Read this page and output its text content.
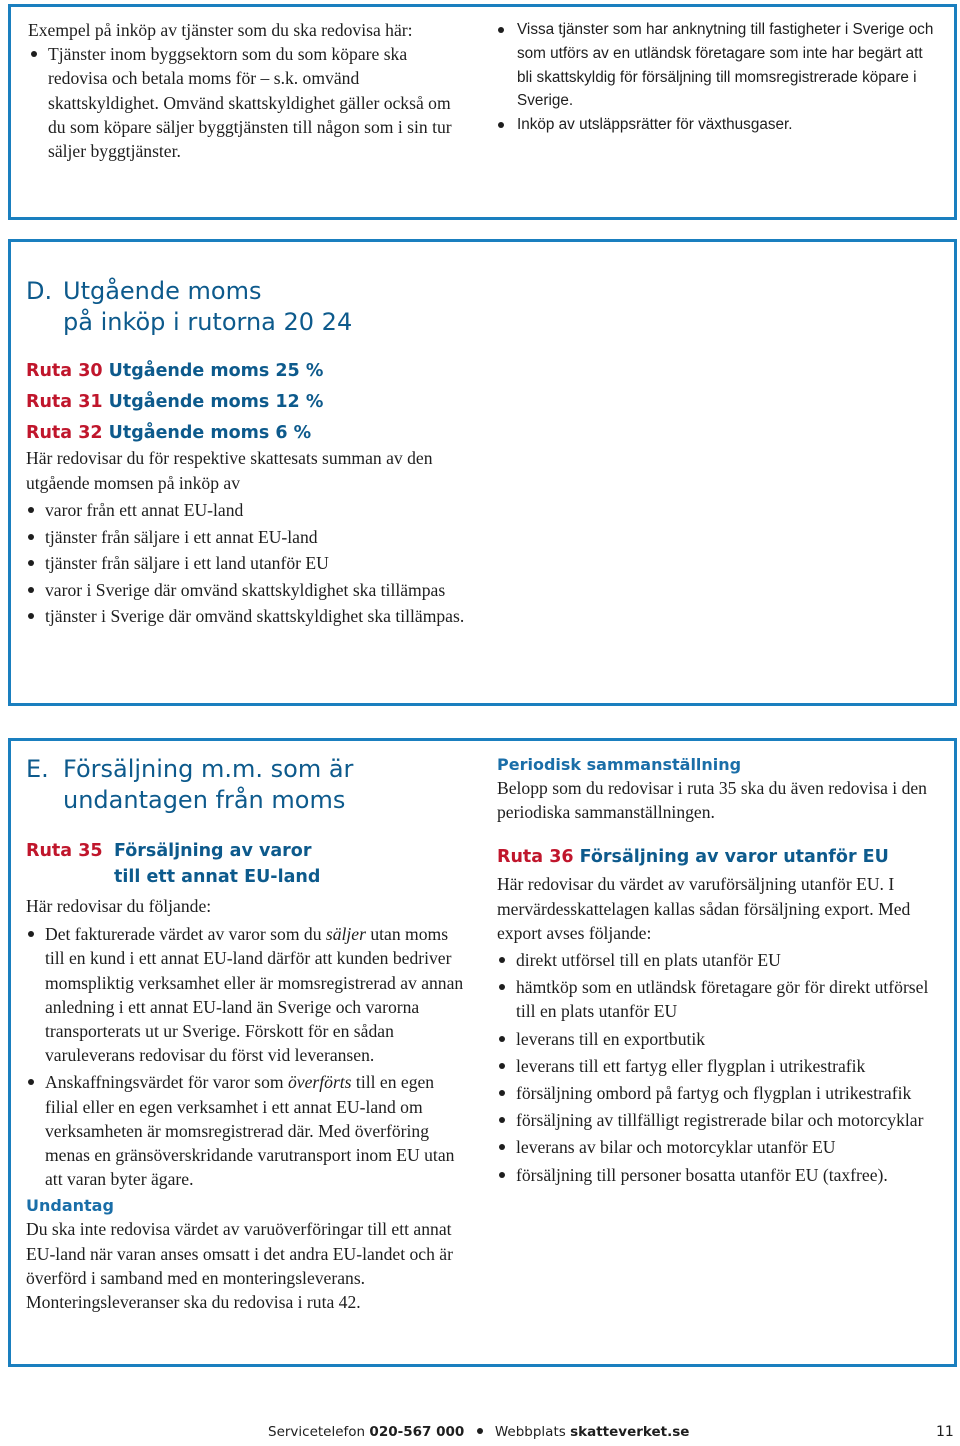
Exempel på inköp av tjänster som du ska redovisa här:

Tjänster inom byggsektorn som du som köpare ska redovisa och betala moms för – s.k. omvänd skattskyldighet. Omvänd skattskyldighet gäller också om du som köpare säljer byggtjänsten till någon som i sin tur säljer byggtjänster.
Vissa tjänster som har anknytning till fastigheter i Sverige och som utförs av en utländsk företagare som inte har begärt att bli skattskyldig för försäljning till momsregistrerade köpare i Sverige.
Inköp av utsläppsrätter för växthusgaser.
D. Utgående moms
på inköp i rutorna 20 24
Ruta 30 Utgående moms 25 %
Ruta 31 Utgående moms 12 %
Ruta 32 Utgående moms 6 %

Här redovisar du för respektive skattesats summan av den utgående momsen på inköp av

varor från ett annat EU-land
tjänster från säljare i ett annat EU-land
tjänster från säljare i ett land utanför EU
varor i Sverige där omvänd skattskyldighet ska tillämpas
tjänster i Sverige där omvänd skattskyldighet ska tillämpas.
E. Försäljning m.m. som är
undantagen från moms
Ruta 35 Försäljning av varor
till ett annat EU-land

Här redovisar du följande:

Det fakturerade värdet av varor som du säljer utan moms till en kund i ett annat EU-land därför att kunden bedriver momspliktig verksamhet eller är momsregistrerad av annan anledning i ett annat EU-land än Sverige och varorna transporterats ut ur Sverige. Förskott för en sådan varuleverans redovisar du först vid leveransen.
Anskaffningsvärdet för varor som överförts till en egen filial eller en egen verksamhet i ett annat EU-land om verksamheten är momsregistrerad där. Med överföring menas en gränsöverskridande varutransport inom EU utan att varan byter ägare.
Undantag

Du ska inte redovisa värdet av varuöverföringar till ett annat EU-land när varan anses omsatt i det andra EU-landet och är överförd i samband med en monteringsleverans. Monteringsleveranser ska du redovisa i ruta 42.

Periodisk sammanställning

Belopp som du redovisar i ruta 35 ska du även redovisa i den periodiska sammanställningen.

Ruta 36 Försäljning av varor utanför EU

Här redovisar du värdet av varuförsäljning utanför EU. I mervärdesskattelagen kallas sådan försäljning export. Med export avses följande:

direkt utförsel till en plats utanför EU
hämtköp som en utländsk företagare gör för direkt utförsel till en plats utanför EU
leverans till en exportbutik
leverans till ett fartyg eller flygplan i utrikestrafik
försäljning ombord på fartyg och flygplan i utrikestrafik
försäljning av tillfälligt registrerade bilar och motorcyklar
leverans av bilar och motorcyklar utanför EU
försäljning till personer bosatta utanför EU (taxfree).
Servicetelefon 020-567 000 Webbplats skatteverket.se	11
